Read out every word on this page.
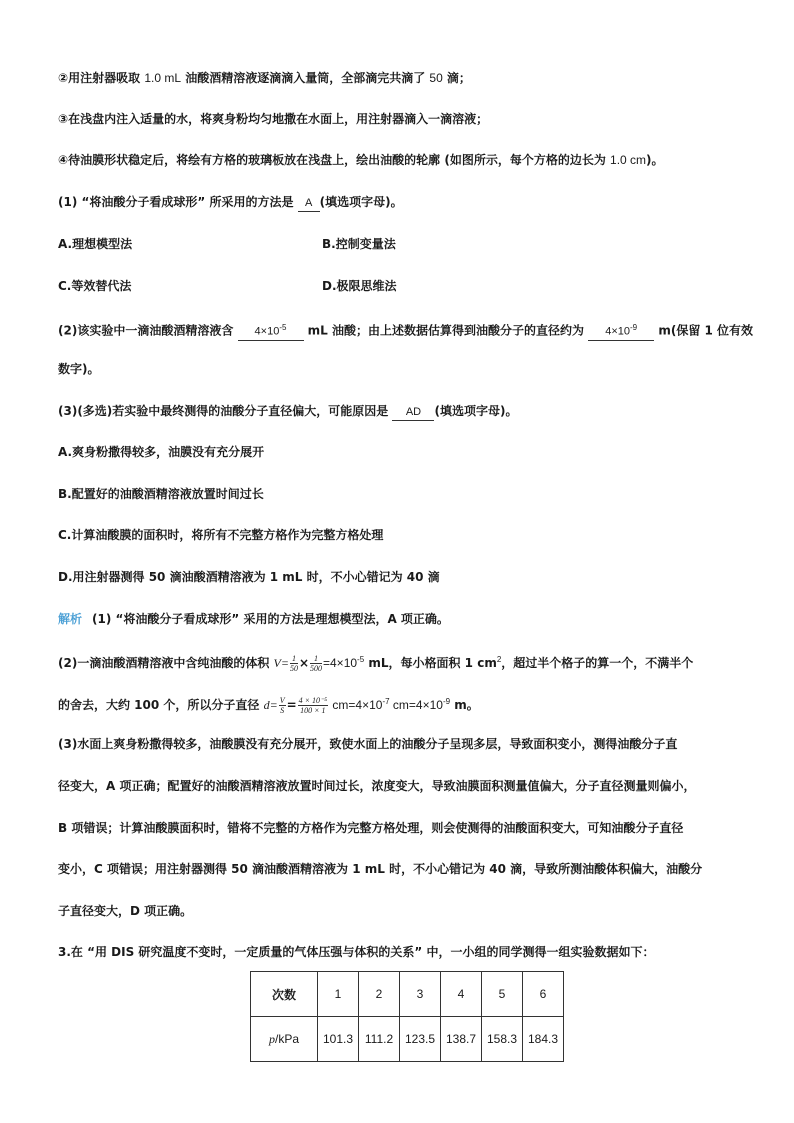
②用注射器吸取 1.0 mL 油酸酒精溶液逐滴滴入量筒，全部滴完共滴了 50 滴；
③在浅盘内注入适量的水，将爽身粉均匀地撒在水面上，用注射器滴入一滴溶液；
④待油膜形状稳定后，将绘有方格的玻璃板放在浅盘上，绘出油酸的轮廓 (如图所示，每个方格的边长为 1.0 cm)。
(1) “将油酸分子看成球形” 所采用的方法是 A (填选项字母)。
A.理想模型法	B.控制变量法
C.等效替代法	D.极限思维法
(2)该实验中一滴油酸酒精溶液含 $4\times 10^{-5}$ mL 油酸；由上述数据估算得到油酸分子的直径约为 $4\times 10^{-9}$ m(保留 1 位有效
数字)。
(3)(多选)若实验中最终测得的油酸分子直径偏大，可能原因是 AD (填选项字母)。
A.爽身粉撒得较多，油膜没有充分展开
B.配置好的油酸酒精溶液放置时间过长
C.计算油酸膜的面积时，将所有不完整方格作为完整方格处理
D.用注射器测得 50 滴油酸酒精溶液为 1 mL 时，不小心错记为 40 滴
解析 (1) “将油酸分子看成球形” 采用的方法是理想模型法，A 项正确。
(2)一滴油酸酒精溶液中含纯油酸的体积 $V= \frac{1}{50} \times \frac{1}{500} =4\times 10^{-5}$ mL，每小格面积 1 $cm^2$，超过半个格子的算一个，不满半个
的舍去，大约 100 个，所以分子直径 $d= \frac{V}{S} = \frac{\text{4 × 10⁻⁵}}{100 \times 1} cm=4\times 10^{-7}$ $cm=4\times 10^{-9}$ m。
(3)水面上爽身粉撒得较多，油酸膜没有充分展开，致使水面上的油酸分子呈现多层，导致面积变小，测得油酸分子直
径变大，A 项正确；配置好的油酸酒精溶液放置时间过长，浓度变大，导致油膜面积测量值偏大，分子直径测量则偏小，
B 项错误；计算油酸膜面积时，错将不完整的方格作为完整方格处理，则会使测得的油酸面积变大，可知油酸分子直径
变小，C 项错误；用注射器测得 50 滴油酸酒精溶液为 1 mL 时，不小心错记为 40 滴，导致所测油酸体积偏大，油酸分
子直径变大，D 项正确。
3.在 “用 DIS 研究温度不变时，一定质量的气体压强与体积的关系” 中，一小组的同学测得一组实验数据如下：
次数	1	2	3	4	5	6
p/kPa	101.3	111.2	123.5	138.7	158.3	184.3
